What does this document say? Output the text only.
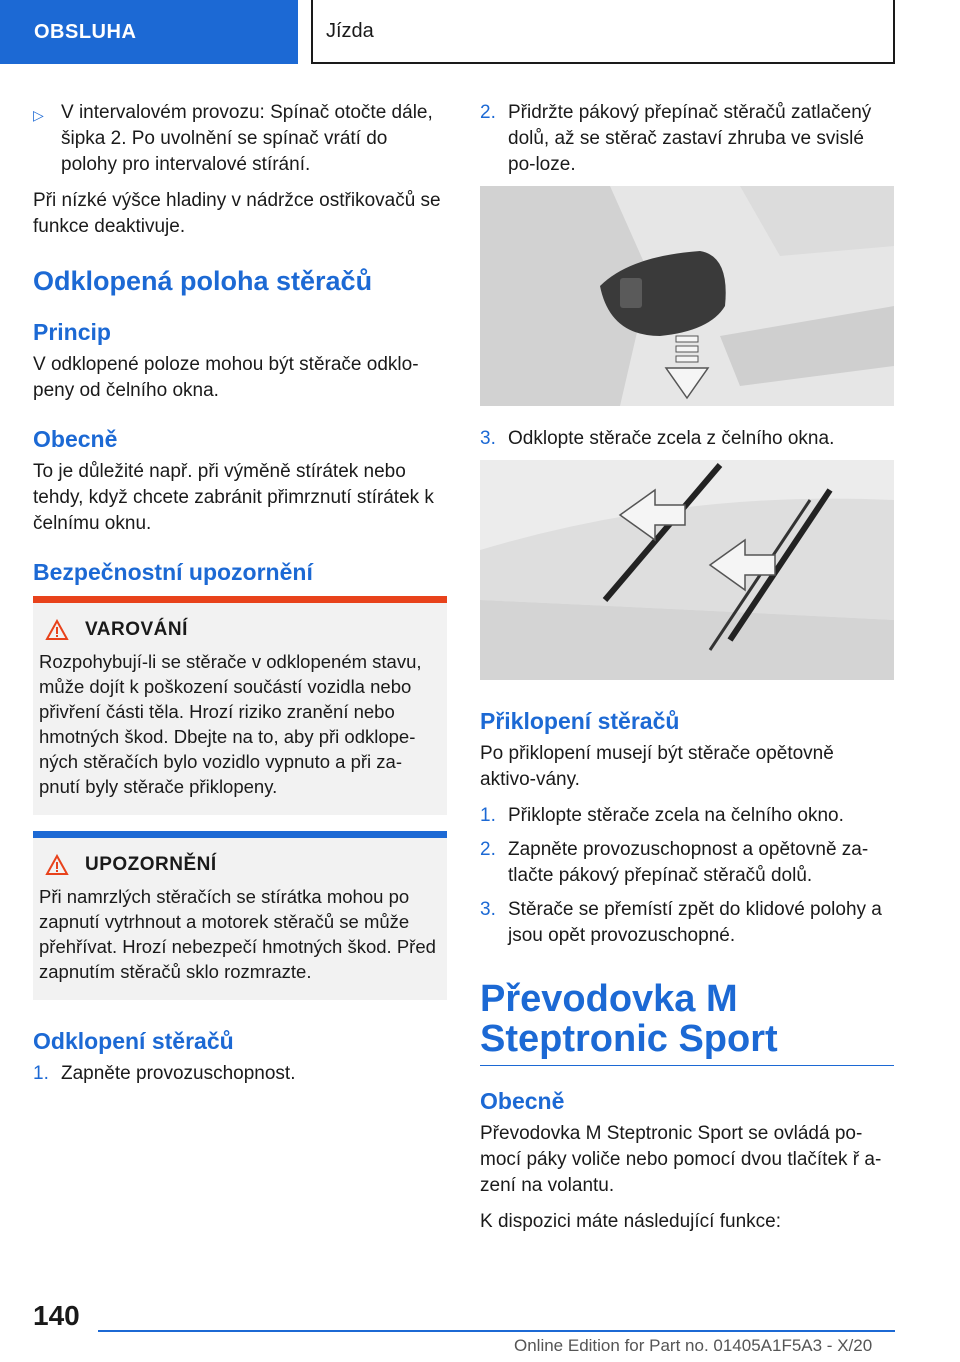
OBSLUHA	Jízda
▷ V intervalovém provozu: Spínač otočte dále, šipka 2. Po uvolnění se spínač vrátí do polohy pro intervalové stírání.

Při nízké výšce hladiny v nádržce ostřikovačů se funkce deaktivuje.

Odklopená poloha stěračů
Princip

V odklopené poloze mohou být stěrače odklo-peny od čelního okna.

Obecně

To je důležité např. při výměně stírátek nebo tehdy, když chcete zabránit přimrznutí stírátek k čelnímu oknu.

Bezpečnostní upozornění
VAROVÁNÍ

Rozpohybují-li se stěrače v odklopeném stavu, může dojít k poškození součástí vozidla nebo přivření části těla. Hrozí riziko zranění nebo hmotných škod. Dbejte na to, aby při odklope-ných stěračích bylo vozidlo vypnuto a při za-pnutí byly stěrače přiklopeny.

UPOZORNĚNÍ

Při namrzlých stěračích se stírátka mohou po zapnutí vytrhnout a motorek stěračů se může přehřívat. Hrozí nebezpečí hmotných škod. Před zapnutím stěračů sklo rozmrazte.

Odklopení stěračů
1. Zapněte provozuschopnost.
2. Přidržte pákový přepínač stěračů zatlačený dolů, až se stěrač zastaví zhruba ve svislé po-loze.
3. Odklopte stěrače zcela z čelního okna.
Přiklopení stěračů

Po přiklopení musejí být stěrače opětovně aktivo-vány.

1. Přiklopte stěrače zcela na čelního okno.
2. Zapněte provozuschopnost a opětovně za-tlačte pákový přepínač stěračů dolů.
3. Stěrače se přemístí zpět do klidové polohy a jsou opět provozuschopné.
Převodovka M Steptronic Sport
Obecně

Převodovka M Steptronic Sport se ovládá po-mocí páky voliče nebo pomocí dvou tlačítek ř a-zení na volantu.

K dispozici máte následující funkce:

140
Online Edition for Part no. 01405A1F5A3 - X/20
